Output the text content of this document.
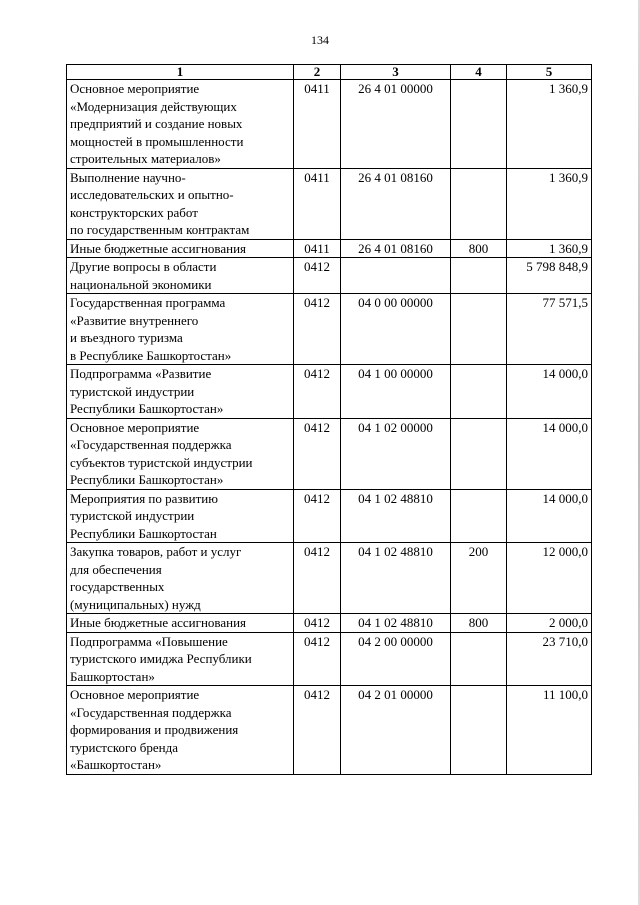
134
1	2	3	4	5
Основное мероприятие
«Модернизация действующих
предприятий и создание новых
мощностей в промышленности
строительных материалов»	0411	26 4 01 00000		1 360,9
Выполнение научно-
исследовательских и опытно-
конструкторских работ
по государственным контрактам	0411	26 4 01 08160		1 360,9
Иные бюджетные ассигнования	0411	26 4 01 08160	800	1 360,9
Другие вопросы в области
национальной экономики	0412			5 798 848,9
Государственная программа
«Развитие внутреннего
и въездного туризма
в Республике Башкортостан»	0412	04 0 00 00000		77 571,5
Подпрограмма «Развитие
туристской индустрии
Республики Башкортостан»	0412	04 1 00 00000		14 000,0
Основное мероприятие
«Государственная поддержка
субъектов туристской индустрии
Республики Башкортостан»	0412	04 1 02 00000		14 000,0
Мероприятия по развитию
туристской индустрии
Республики Башкортостан	0412	04 1 02 48810		14 000,0
Закупка товаров, работ и услуг
для обеспечения
государственных
(муниципальных) нужд	0412	04 1 02 48810	200	12 000,0
Иные бюджетные ассигнования	0412	04 1 02 48810	800	2 000,0
Подпрограмма «Повышение
туристского имиджа Республики
Башкортостан»	0412	04 2 00 00000		23 710,0
Основное мероприятие
«Государственная поддержка
формирования и продвижения
туристского бренда
«Башкортостан»	0412	04 2 01 00000		11 100,0
